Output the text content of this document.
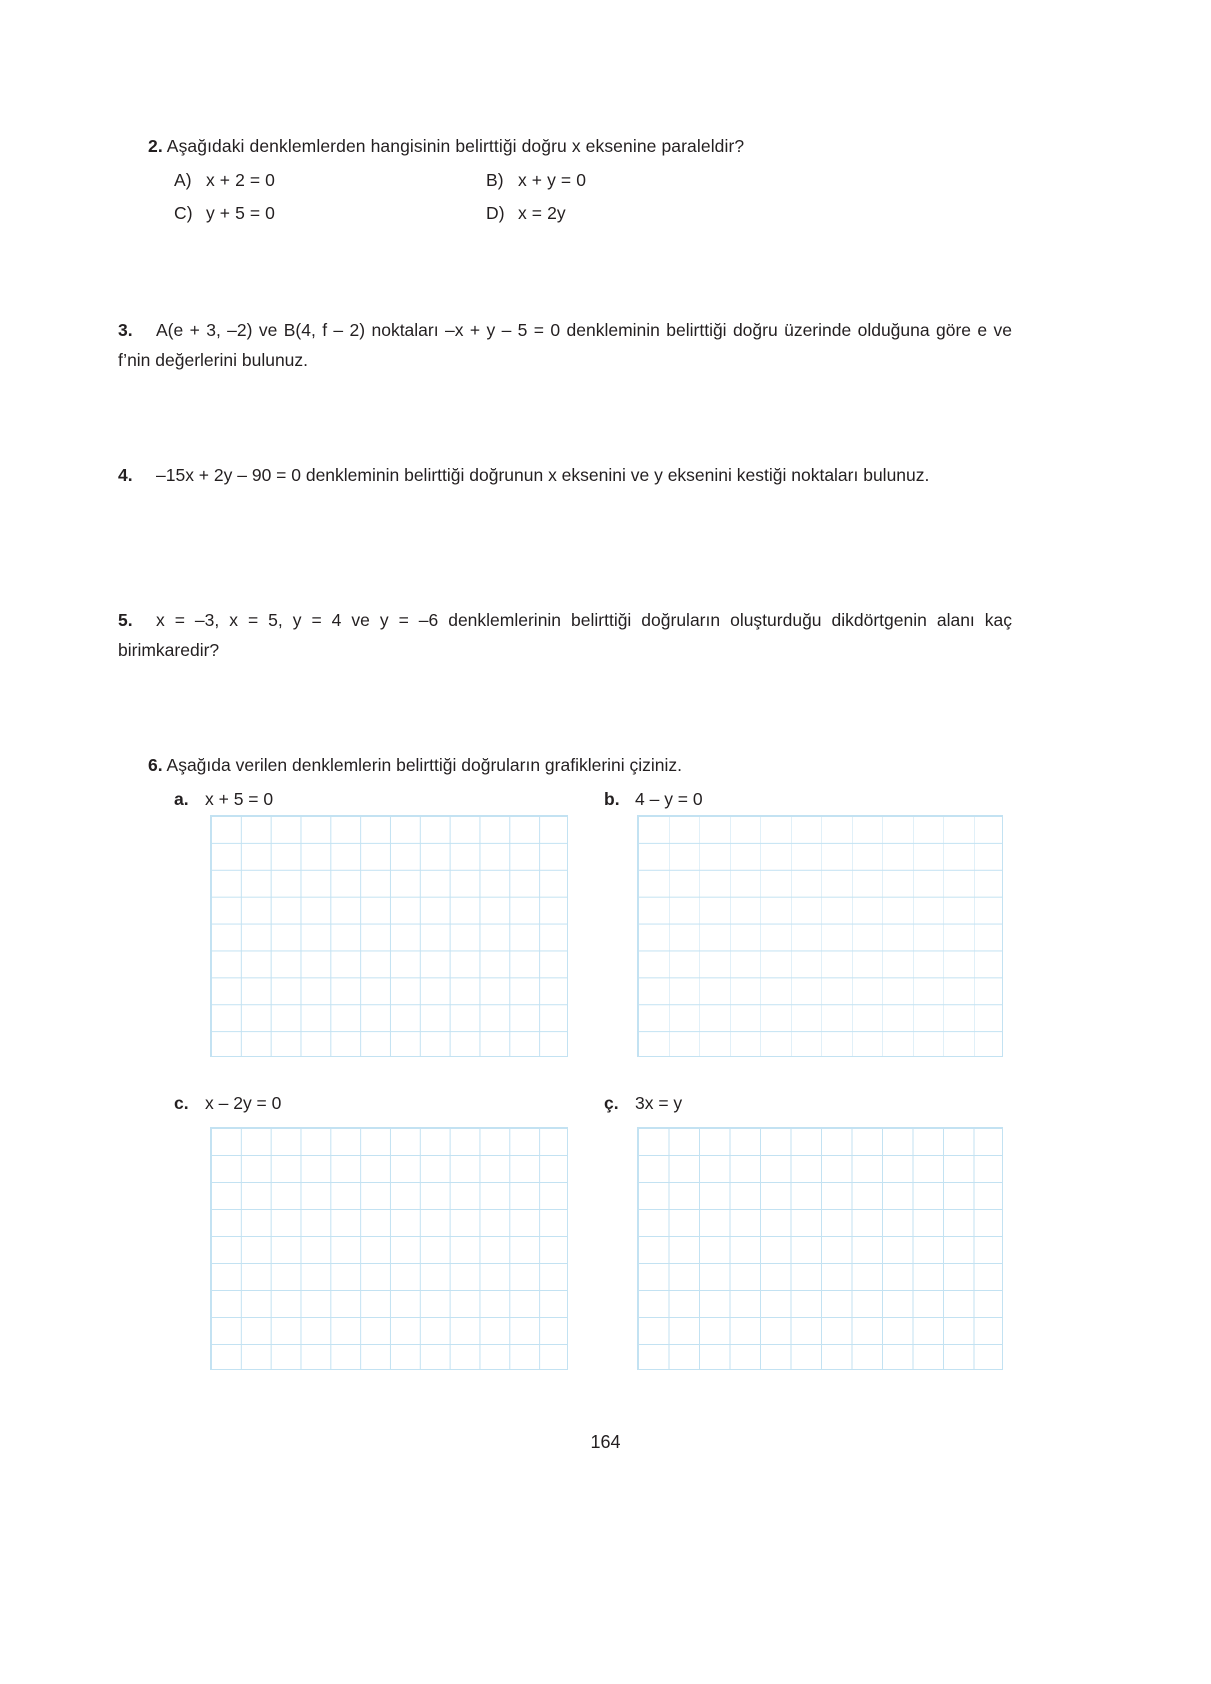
2. Aşağıdaki denklemlerden hangisinin belirttiği doğru x eksenine paraleldir?
A) x + 2 = 0	B) x + y = 0
C) y + 5 = 0	D) x = 2y
3. A(e + 3, –2) ve B(4, f – 2) noktaları –x + y – 5 = 0 denkleminin belirttiği doğru üzerinde olduğuna göre e ve f’nin değerlerini bulunuz.
4. –15x + 2y – 90 = 0 denkleminin belirttiği doğrunun x eksenini ve y eksenini kestiği noktaları bulunuz.
5. x = –3, x = 5, y = 4 ve y = –6 denklemlerinin belirttiği doğruların oluşturduğu dikdörtgenin alanı kaç birimkaredir?
6. Aşağıda verilen denklemlerin belirttiği doğruların grafiklerini çiziniz.
a. x + 5 = 0	b. 4 – y = 0
c. x – 2y = 0	ç. 3x = y
164
